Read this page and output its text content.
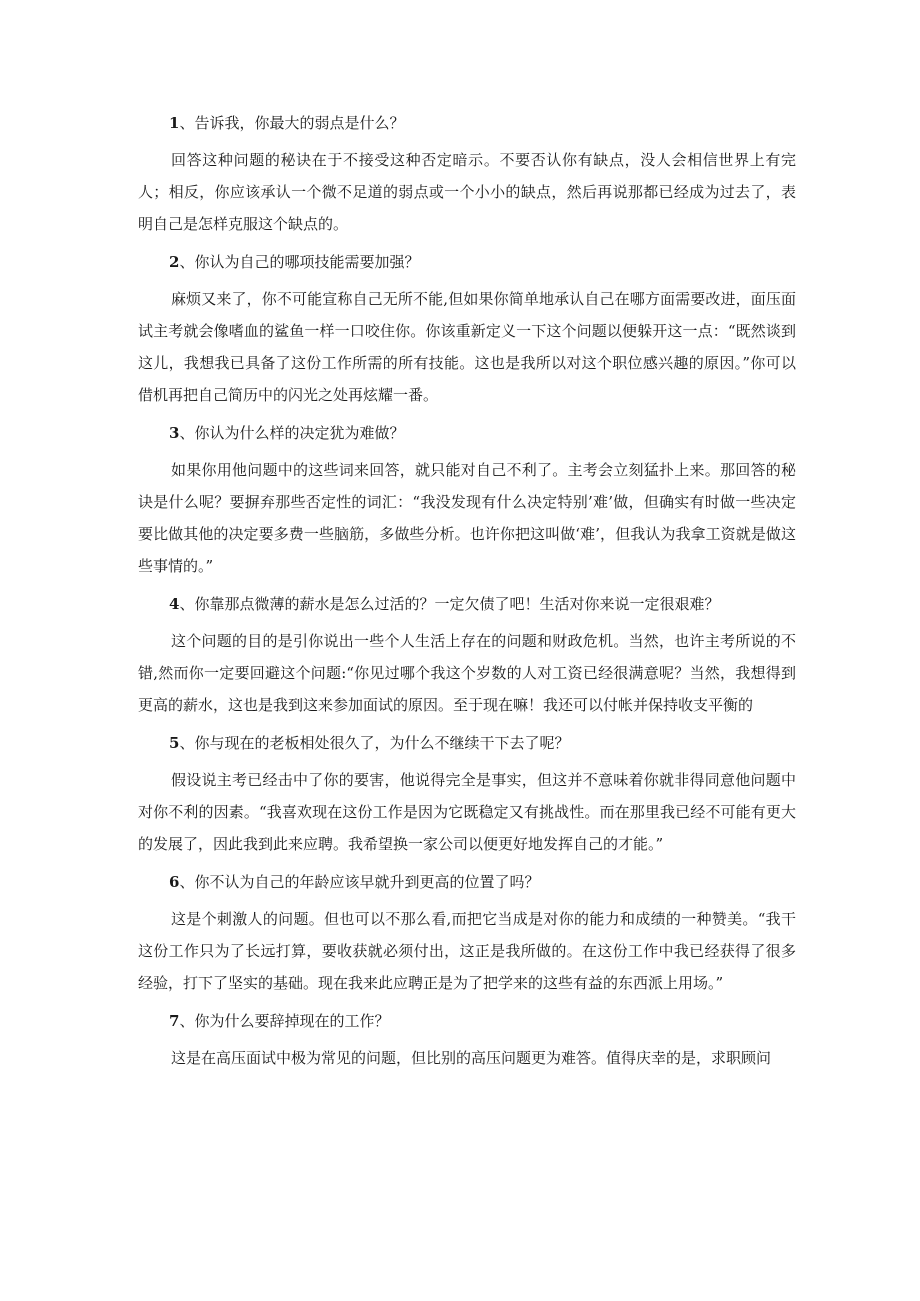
1、告诉我，你最大的弱点是什么？

回答这种问题的秘诀在于不接受这种否定暗示。不要否认你有缺点，没人会相信世界上有完人；相反，你应该承认一个微不足道的弱点或一个小小的缺点，然后再说那都已经成为过去了，表明自己是怎样克服这个缺点的。

2、你认为自己的哪项技能需要加强？

麻烦又来了，你不可能宣称自己无所不能,但如果你简单地承认自己在哪方面需要改进，面压面试主考就会像嗜血的鲨鱼一样一口咬住你。你该重新定义一下这个问题以便躲开这一点：“既然谈到这儿，我想我已具备了这份工作所需的所有技能。这也是我所以对这个职位感兴趣的原因。”你可以借机再把自己简历中的闪光之处再炫耀一番。

3、你认为什么样的决定犹为难做？

如果你用他问题中的这些词来回答，就只能对自己不利了。主考会立刻猛扑上来。那回答的秘诀是什么呢？要摒弃那些否定性的词汇：“我没发现有什么决定特别’难’做，但确实有时做一些决定要比做其他的决定要多费一些脑筋，多做些分析。也许你把这叫做‘难’，但我认为我拿工资就是做这些事情的。”

4、你靠那点微薄的薪水是怎么过活的？一定欠债了吧！生活对你来说一定很艰难？

这个问题的目的是引你说出一些个人生活上存在的问题和财政危机。当然，也许主考所说的不错,然而你一定要回避这个问题:“你见过哪个我这个岁数的人对工资已经很满意呢？当然，我想得到更高的薪水，这也是我到这来参加面试的原因。至于现在嘛！我还可以付帐并保持收支平衡的

5、你与现在的老板相处很久了，为什么不继续干下去了呢？

假设说主考已经击中了你的要害，他说得完全是事实，但这并不意味着你就非得同意他问题中对你不利的因素。“我喜欢现在这份工作是因为它既稳定又有挑战性。而在那里我已经不可能有更大的发展了，因此我到此来应聘。我希望换一家公司以便更好地发挥自己的才能。”

6、你不认为自己的年龄应该早就升到更高的位置了吗？

这是个刺激人的问题。但也可以不那么看,而把它当成是对你的能力和成绩的一种赞美。“我干这份工作只为了长远打算，要收获就必须付出，这正是我所做的。在这份工作中我已经获得了很多经验，打下了坚实的基础。现在我来此应聘正是为了把学来的这些有益的东西派上用场。”

7、你为什么要辞掉现在的工作？

这是在高压面试中极为常见的问题，但比别的高压问题更为难答。值得庆幸的是，求职顾问
